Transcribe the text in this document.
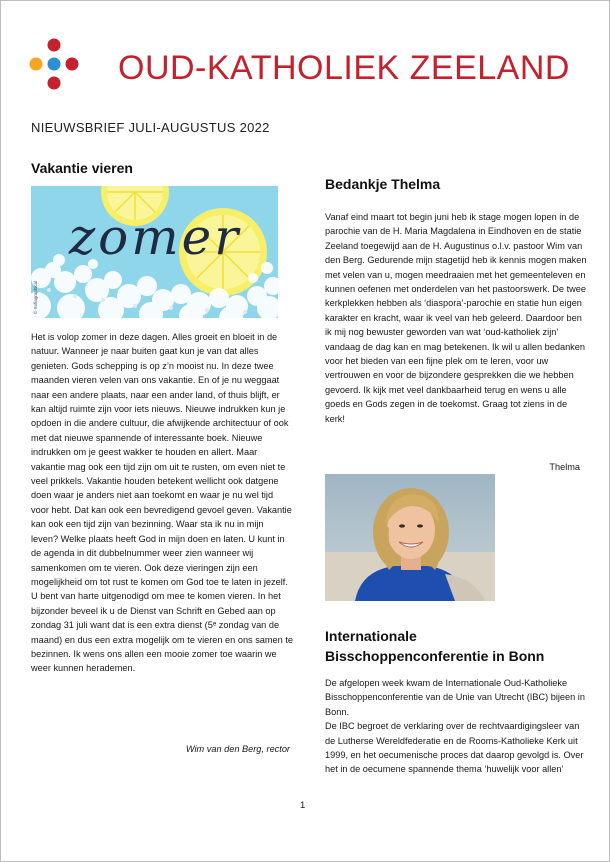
OUD-KATHOLIEK ZEELAND
NIEUWSBRIEF JULI-AUGUSTUS 2022
Vakantie vieren
zomer
© Sofiagraphical

Het is volop zomer in deze dagen. Alles groeit en bloeit in de natuur. Wanneer je naar buiten gaat kun je van dat alles genieten. Gods schepping is op z’n mooist nu. In deze twee maanden vieren velen van ons vakantie. En of je nu weggaat naar een andere plaats, naar een ander land, of thuis blijft, er kan altijd ruimte zijn voor iets nieuws. Nieuwe indrukken kun je opdoen in die andere cultuur, die afwijkende architectuur of ook met dat nieuwe spannende of interessante boek. Nieuwe indrukken om je geest wakker te houden en allert. Maar vakantie mag ook een tijd zijn om uit te rusten, om even niet te veel prikkels. Vakantie houden betekent wellicht ook datgene doen waar je anders niet aan toekomt en waar je nu wel tijd voor hebt. Dat kan ook een bevredigend gevoel geven. Vakantie kan ook een tijd zijn van bezinning. Waar sta ik nu in mijn leven? Welke plaats heeft God in mijn doen en laten. U kunt in de agenda in dit dubbelnummer weer zien wanneer wij samenkomen om te vieren. Ook deze vieringen zijn een mogelijkheid om tot rust te komen om God toe te laten in jezelf. U bent van harte uitgenodigd om mee te komen vieren. In het bijzonder beveel ik u de Dienst van Schrift en Gebed aan op zondag 31 juli want dat is een extra dienst (5ᵉ zondag van de maand) en dus een extra mogelijk om te vieren en ons samen te bezinnen. Ik wens ons allen een mooie zomer toe waarin we weer kunnen herademen.

Wim van den Berg, rector
Bedankje Thelma

Vanaf eind maart tot begin juni heb ik stage mogen lopen in de parochie van de H. Maria Magdalena in Eindhoven en de statie Zeeland toegewijd aan de H. Augustinus o.l.v. pastoor Wim van den Berg. Gedurende mijn stagetijd heb ik kennis mogen maken met velen van u, mogen meedraaien met het gemeenteleven en kunnen oefenen met onderdelen van het pastoorswerk. De twee kerkplekken hebben als ‘diaspora’-parochie en statie hun eigen karakter en kracht, waar ik veel van heb geleerd. Daardoor ben ik mij nog bewuster geworden van wat ‘oud-katholiek zijn’ vandaag de dag kan en mag betekenen. Ik wil u allen bedanken voor het bieden van een fijne plek om te leren, voor uw vertrouwen en voor de bijzondere gesprekken die we hebben gevoerd. Ik kijk met veel dankbaarheid terug en wens u alle goeds en Gods zegen in de toekomst. Graag tot ziens in de kerk!

Thelma
Internationale Bisschoppenconferentie in Bonn

De afgelopen week kwam de Internationale Oud-Katholieke Bisschoppenconferentie van de Unie van Utrecht (IBC) bijeen in Bonn.

De IBC begroet de verklaring over de rechtvaardigingsleer van de Lutherse Wereldfederatie en de Rooms-Katholieke Kerk uit 1999, en het oecumenische proces dat daarop gevolgd is. Over het in de oecumene spannende thema ‘huwelijk voor allen’

1
